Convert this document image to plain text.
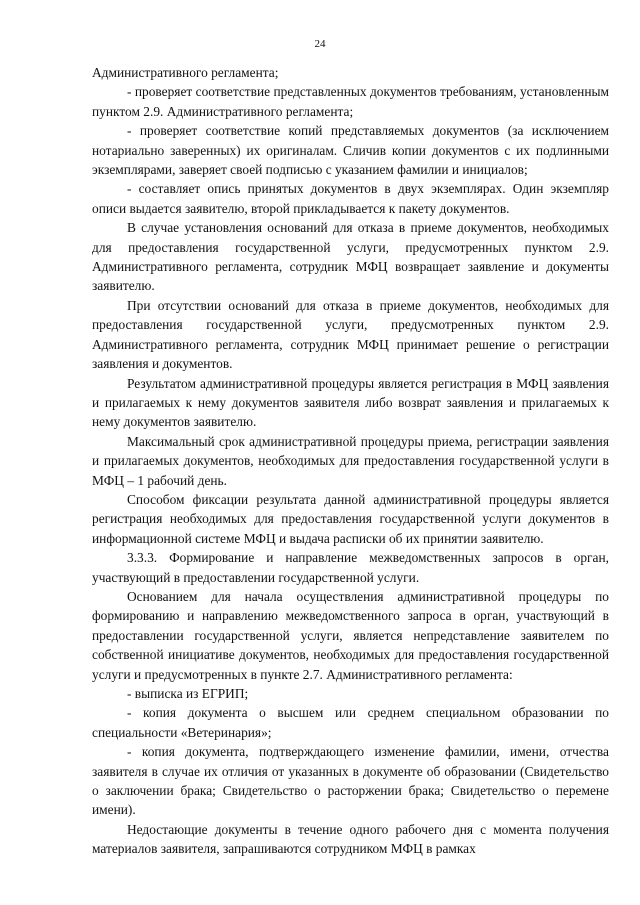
24

Административного регламента;

- проверяет соответствие представленных документов требованиям, установленным пунктом 2.9. Административного регламента;

- проверяет соответствие копий представляемых документов (за исключением нотариально заверенных) их оригиналам. Сличив копии документов с их подлинными экземплярами, заверяет своей подписью с указанием фамилии и инициалов;

- составляет опись принятых документов в двух экземплярах. Один экземпляр описи выдается заявителю, второй прикладывается к пакету документов.

В случае установления оснований для отказа в приеме документов, необходимых для предоставления государственной услуги, предусмотренных пунктом 2.9. Административного регламента, сотрудник МФЦ возвращает заявление и документы заявителю.

При отсутствии оснований для отказа в приеме документов, необходимых для предоставления государственной услуги, предусмотренных пунктом 2.9. Административного регламента, сотрудник МФЦ принимает решение о регистрации заявления и документов.

Результатом административной процедуры является регистрация в МФЦ заявления и прилагаемых к нему документов заявителя либо возврат заявления и прилагаемых к нему документов заявителю.

Максимальный срок административной процедуры приема, регистрации заявления и прилагаемых документов, необходимых для предоставления государственной услуги в МФЦ – 1 рабочий день.

Способом фиксации результата данной административной процедуры является регистрация необходимых для предоставления государственной услуги документов в информационной системе МФЦ и выдача расписки об их принятии заявителю.

3.3.3. Формирование и направление межведомственных запросов в орган, участвующий в предоставлении государственной услуги.

Основанием для начала осуществления административной процедуры по формированию и направлению межведомственного запроса в орган, участвующий в предоставлении государственной услуги, является непредставление заявителем по собственной инициативе документов, необходимых для предоставления государственной услуги и предусмотренных в пункте 2.7. Административного регламента:

- выписка из ЕГРИП;

- копия документа о высшем или среднем специальном образовании по специальности «Ветеринария»;

- копия документа, подтверждающего изменение фамилии, имени, отчества заявителя в случае их отличия от указанных в документе об образовании (Свидетельство о заключении брака; Свидетельство о расторжении брака; Свидетельство о перемене имени).

Недостающие документы в течение одного рабочего дня с момента получения материалов заявителя, запрашиваются сотрудником МФЦ в рамках
